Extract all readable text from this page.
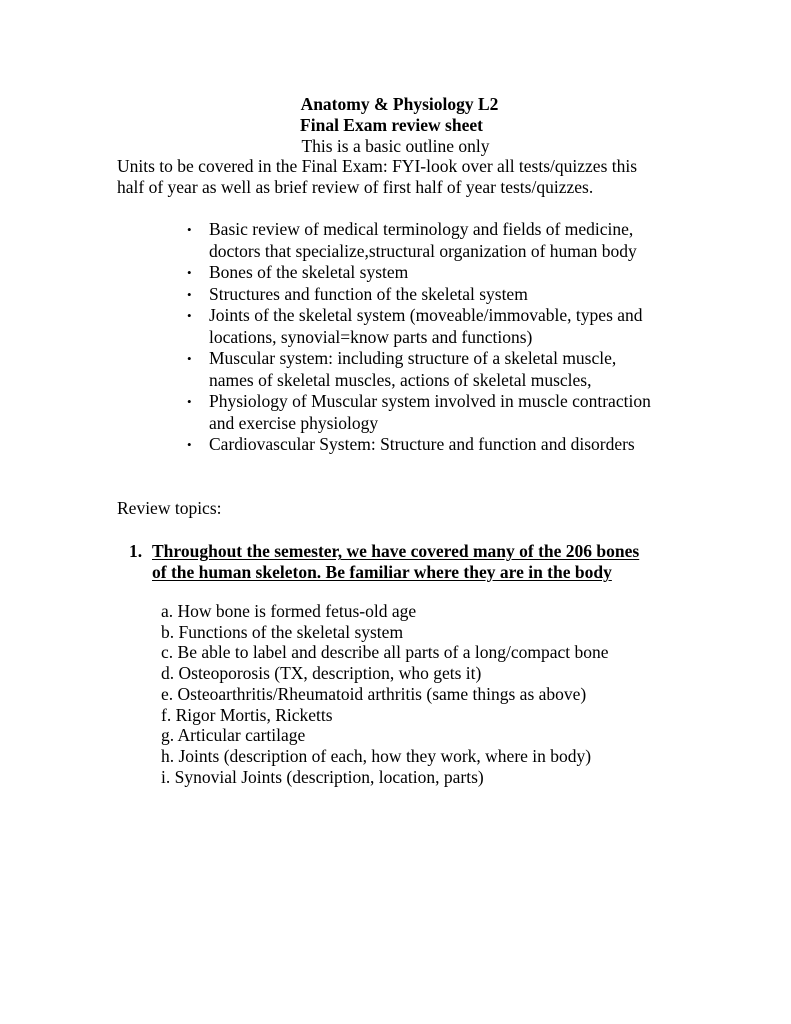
Anatomy & Physiology L2
Final Exam review sheet
This is a basic outline only
Units to be covered in the Final Exam: FYI-look over all tests/quizzes this
half of year as well as brief review of first half of year tests/quizzes.
• Basic review of medical terminology and fields of medicine,
doctors that specialize,structural organization of human body
• Bones of the skeletal system
• Structures and function of the skeletal system
• Joints of the skeletal system (moveable/immovable, types and
locations, synovial=know parts and functions)
• Muscular system: including structure of a skeletal muscle,
names of skeletal muscles, actions of skeletal muscles,
• Physiology of Muscular system involved in muscle contraction
and exercise physiology
• Cardiovascular System: Structure and function and disorders
Review topics:
1. Throughout the semester, we have covered many of the 206 bones
of the human skeleton. Be familiar where they are in the body
a. How bone is formed fetus-old age
b. Functions of the skeletal system
c. Be able to label and describe all parts of a long/compact bone
d. Osteoporosis (TX, description, who gets it)
e. Osteoarthritis/Rheumatoid arthritis (same things as above)
f. Rigor Mortis, Ricketts
g. Articular cartilage
h. Joints (description of each, how they work, where in body)
i. Synovial Joints (description, location, parts)
